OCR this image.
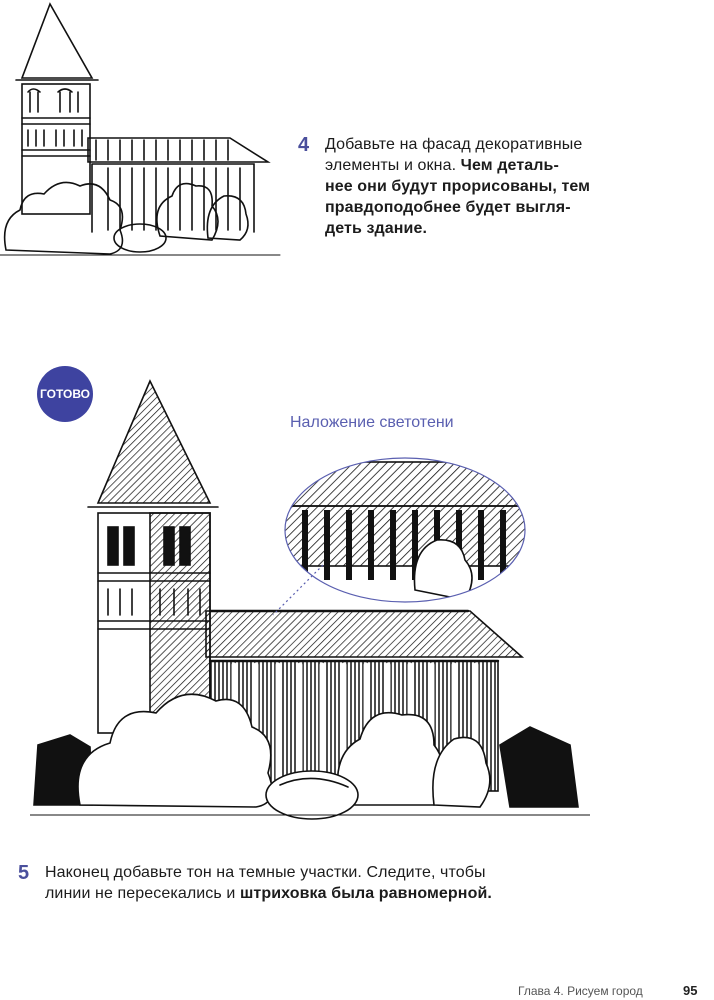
4 Добавьте на фасад декоративные
элементы и окна. Чем деталь-
нее они будут прорисованы, тем
правдоподобнее будет выгля-
деть здание.
ГОТОВО
Наложение светотени
5 Наконец добавьте тон на темные участки. Следите, чтобы
линии не пересекались и штриховка была равномерной.
Глава 4. Рисуем город	95
